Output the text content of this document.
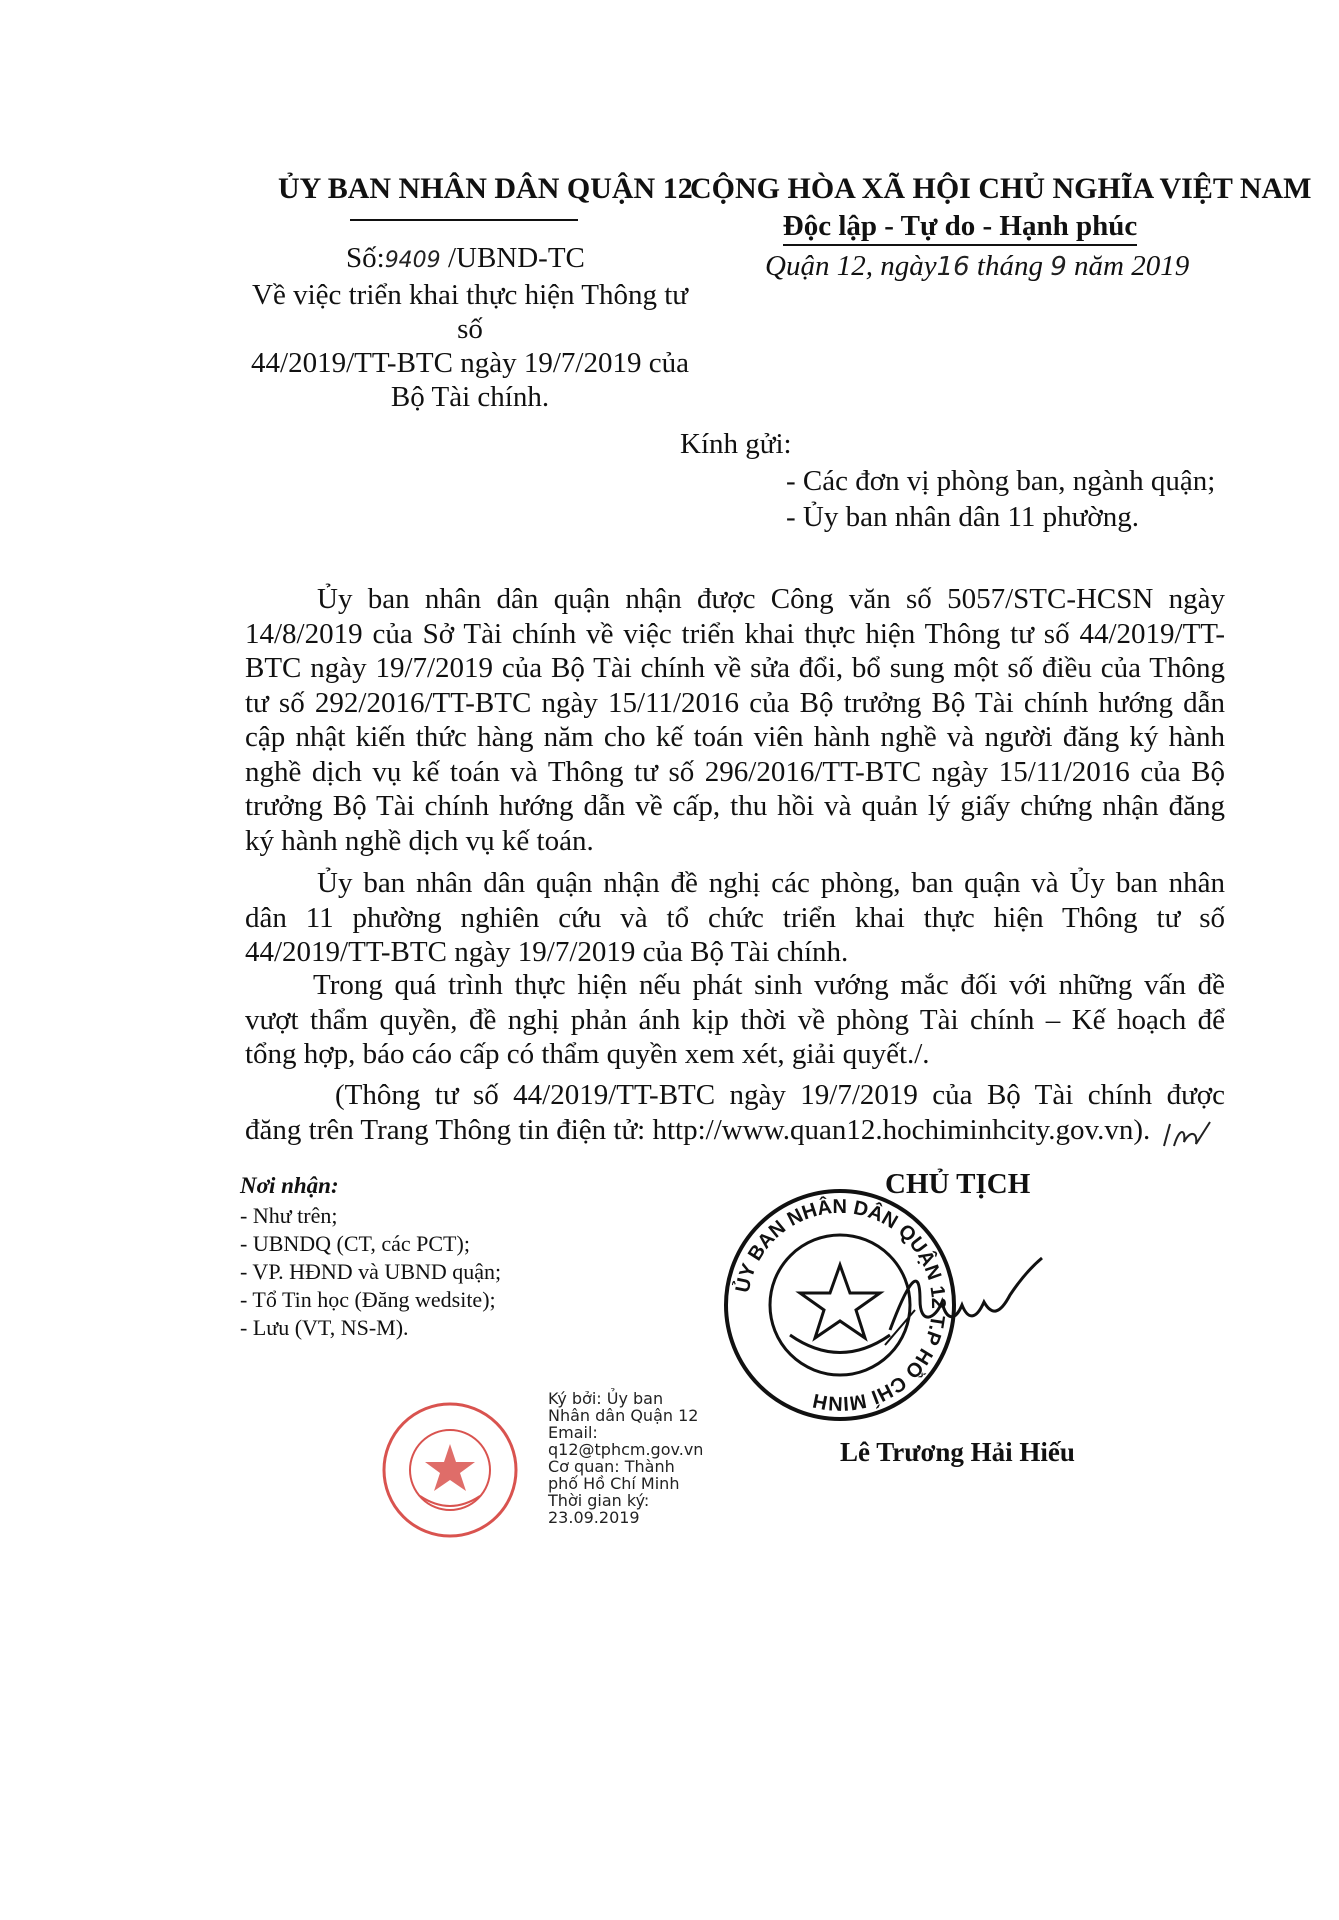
ỦY BAN NHÂN DÂN QUẬN 12
Số:9409 /UBND-TC
Về việc triển khai thực hiện Thông tư số
44/2019/TT-BTC ngày 19/7/2019 của
Bộ Tài chính.
CỘNG HÒA XÃ HỘI CHỦ NGHĨA VIỆT NAM
Độc lập - Tự do - Hạnh phúc
Quận 12, ngày16 tháng 9 năm 2019
Kính gửi:
- Các đơn vị phòng ban, ngành quận;
- Ủy ban nhân dân 11 phường.
Ủy ban nhân dân quận nhận được Công văn số 5057/STC-HCSN ngày
14/8/2019 của Sở Tài chính về việc triển khai thực hiện Thông tư số 44/2019/TT-
BTC ngày 19/7/2019 của Bộ Tài chính về sửa đổi, bổ sung một số điều của Thông
tư số 292/2016/TT-BTC ngày 15/11/2016 của Bộ trưởng Bộ Tài chính hướng dẫn
cập nhật kiến thức hàng năm cho kế toán viên hành nghề và người đăng ký hành
nghề dịch vụ kế toán và Thông tư số 296/2016/TT-BTC ngày 15/11/2016 của Bộ
trưởng Bộ Tài chính hướng dẫn về cấp, thu hồi và quản lý giấy chứng nhận đăng
ký hành nghề dịch vụ kế toán.
Ủy ban nhân dân quận nhận đề nghị các phòng, ban quận và Ủy ban nhân
dân 11 phường nghiên cứu và tổ chức triển khai thực hiện Thông tư số
44/2019/TT-BTC ngày 19/7/2019 của Bộ Tài chính.
Trong quá trình thực hiện nếu phát sinh vướng mắc đối với những vấn đề
vượt thẩm quyền, đề nghị phản ánh kịp thời về phòng Tài chính – Kế hoạch để
tổng hợp, báo cáo cấp có thẩm quyền xem xét, giải quyết./.
(Thông tư số 44/2019/TT-BTC ngày 19/7/2019 của Bộ Tài chính được
đăng trên Trang Thông tin điện tử: http://www.quan12.hochiminhcity.gov.vn).
Nơi nhận:
- Như trên;
- UBNDQ (CT, các PCT);
- VP. HĐND và UBND quận;
- Tổ Tin học (Đăng wedsite);
- Lưu (VT, NS-M).
CHỦ TỊCH
ỦY BAN NHÂN DÂN QUẬN 12 T.P HỒ CHÍ MINH
Lê Trương Hải Hiếu
Ký bởi: Ủy ban
Nhân dân Quận 12
Email:
q12@tphcm.gov.vn
Cơ quan: Thành
phố Hồ Chí Minh
Thời gian ký:
23.09.2019
